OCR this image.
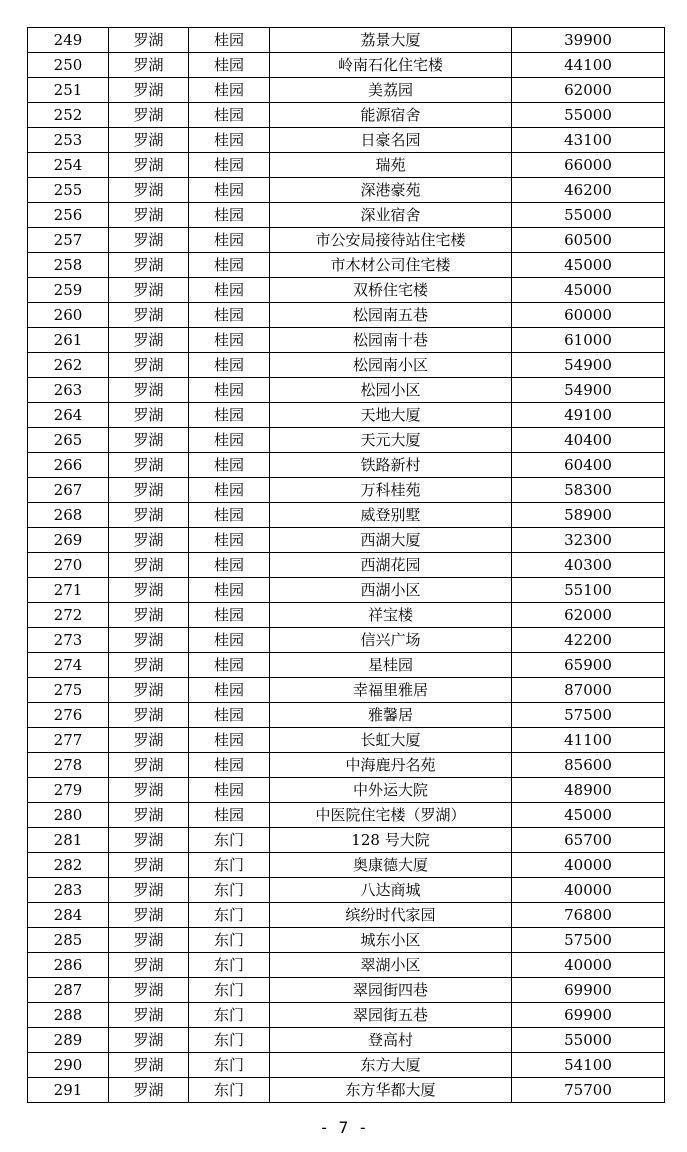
249	罗湖	桂园	荔景大厦	39900
250	罗湖	桂园	岭南石化住宅楼	44100
251	罗湖	桂园	美荔园	62000
252	罗湖	桂园	能源宿舍	55000
253	罗湖	桂园	日豪名园	43100
254	罗湖	桂园	瑞苑	66000
255	罗湖	桂园	深港豪苑	46200
256	罗湖	桂园	深业宿舍	55000
257	罗湖	桂园	市公安局接待站住宅楼	60500
258	罗湖	桂园	市木材公司住宅楼	45000
259	罗湖	桂园	双桥住宅楼	45000
260	罗湖	桂园	松园南五巷	60000
261	罗湖	桂园	松园南十巷	61000
262	罗湖	桂园	松园南小区	54900
263	罗湖	桂园	松园小区	54900
264	罗湖	桂园	天地大厦	49100
265	罗湖	桂园	天元大厦	40400
266	罗湖	桂园	铁路新村	60400
267	罗湖	桂园	万科桂苑	58300
268	罗湖	桂园	威登别墅	58900
269	罗湖	桂园	西湖大厦	32300
270	罗湖	桂园	西湖花园	40300
271	罗湖	桂园	西湖小区	55100
272	罗湖	桂园	祥宝楼	62000
273	罗湖	桂园	信兴广场	42200
274	罗湖	桂园	星桂园	65900
275	罗湖	桂园	幸福里雅居	87000
276	罗湖	桂园	雅馨居	57500
277	罗湖	桂园	长虹大厦	41100
278	罗湖	桂园	中海鹿丹名苑	85600
279	罗湖	桂园	中外运大院	48900
280	罗湖	桂园	中医院住宅楼（罗湖）	45000
281	罗湖	东门	128 号大院	65700
282	罗湖	东门	奥康德大厦	40000
283	罗湖	东门	八达商城	40000
284	罗湖	东门	缤纷时代家园	76800
285	罗湖	东门	城东小区	57500
286	罗湖	东门	翠湖小区	40000
287	罗湖	东门	翠园街四巷	69900
288	罗湖	东门	翠园街五巷	69900
289	罗湖	东门	登高村	55000
290	罗湖	东门	东方大厦	54100
291	罗湖	东门	东方华都大厦	75700
- 7 -
